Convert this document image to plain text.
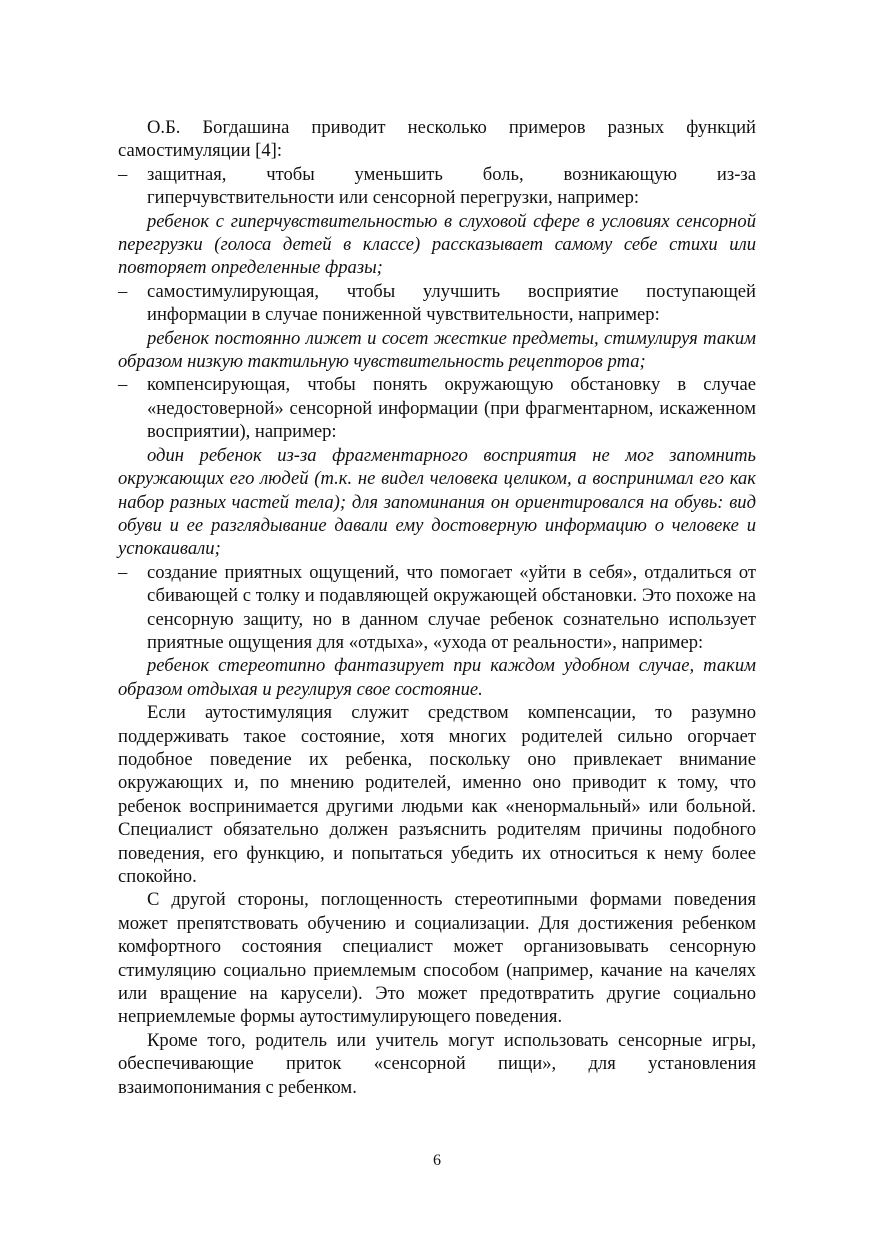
О.Б. Богдашина приводит несколько примеров разных функций самостимуляции [4]:

– защитная, чтобы уменьшить боль, возникающую из-за гиперчувствительности или сенсорной перегрузки, например:

ребенок с гиперчувствительностью в слуховой сфере в условиях сенсорной перегрузки (голоса детей в классе) рассказывает самому себе стихи или повторяет определенные фразы;

– самостимулирующая, чтобы улучшить восприятие поступающей информации в случае пониженной чувствительности, например:

ребенок постоянно лижет и сосет жесткие предметы, стимулируя таким образом низкую тактильную чувствительность рецепторов рта;

– компенсирующая, чтобы понять окружающую обстановку в случае «недостоверной» сенсорной информации (при фрагментарном, искаженном восприятии), например:

один ребенок из-за фрагментарного восприятия не мог запомнить окружающих его людей (т.к. не видел человека целиком, а воспринимал его как набор разных частей тела); для запоминания он ориентировался на обувь: вид обуви и ее разглядывание давали ему достоверную информацию о человеке и успокаивали;

– создание приятных ощущений, что помогает «уйти в себя», отдалиться от сбивающей с толку и подавляющей окружающей обстановки. Это похоже на сенсорную защиту, но в данном случае ребенок сознательно использует приятные ощущения для «отдыха», «ухода от реальности», например:

ребенок стереотипно фантазирует при каждом удобном случае, таким образом отдыхая и регулируя свое состояние.

Если аутостимуляция служит средством компенсации, то разумно поддерживать такое состояние, хотя многих родителей сильно огорчает подобное поведение их ребенка, поскольку оно привлекает внимание окружающих и, по мнению родителей, именно оно приводит к тому, что ребенок воспринимается другими людьми как «ненормальный» или больной. Специалист обязательно должен разъяснить родителям причины подобного поведения, его функцию, и попытаться убедить их относиться к нему более спокойно.

С другой стороны, поглощенность стереотипными формами поведения может препятствовать обучению и социализации. Для достижения ребенком комфортного состояния специалист может организовывать сенсорную стимуляцию социально приемлемым способом (например, качание на качелях или вращение на карусели). Это может предотвратить другие социально неприемлемые формы аутостимулирующего поведения.

Кроме того, родитель или учитель могут использовать сенсорные игры, обеспечивающие приток «сенсорной пищи», для установления взаимопонимания с ребенком.

6
